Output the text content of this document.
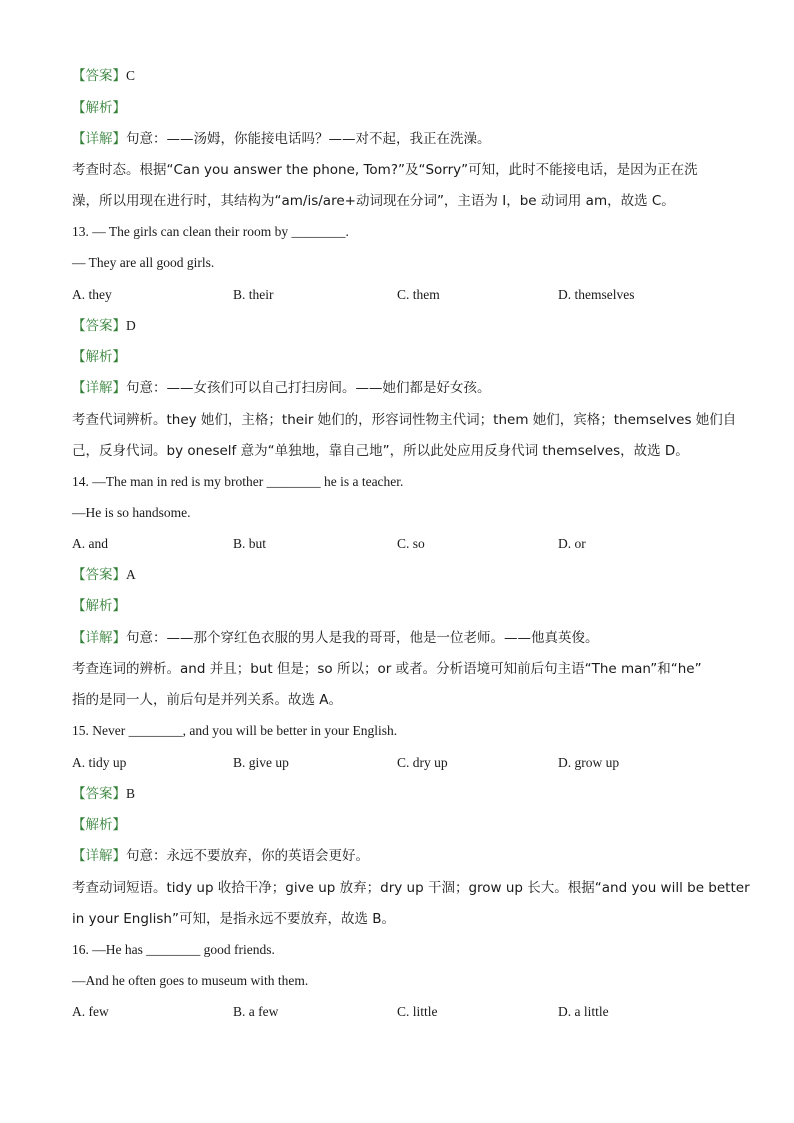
【答案】C
【解析】
【详解】句意：——汤姆，你能接电话吗？——对不起，我正在洗澡。
考查时态。根据“Can you answer the phone, Tom?”及“Sorry”可知，此时不能接电话，是因为正在洗
澡，所以用现在进行时，其结构为“am/is/are+动词现在分词”，主语为 I，be 动词用 am，故选 C。
13. — The girls can clean their room by ________.
— They are all good girls.
A. they	B. their	C. them	D. themselves
【答案】D
【解析】
【详解】句意：——女孩们可以自己打扫房间。——她们都是好女孩。
考查代词辨析。they 她们，主格；their 她们的，形容词性物主代词；them 她们，宾格；themselves 她们自
己，反身代词。by oneself 意为“单独地，靠自己地”，所以此处应用反身代词 themselves，故选 D。
14. —The man in red is my brother ________ he is a teacher.
—He is so handsome.
A. and	B. but	C. so	D. or
【答案】A
【解析】
【详解】句意：——那个穿红色衣服的男人是我的哥哥，他是一位老师。——他真英俊。
考查连词的辨析。and 并且；but 但是；so 所以；or 或者。分析语境可知前后句主语“The man”和“he”
指的是同一人，前后句是并列关系。故选 A。
15. Never ________, and you will be better in your English.
A. tidy up	B. give up	C. dry up	D. grow up
【答案】B
【解析】
【详解】句意：永远不要放弃，你的英语会更好。
考查动词短语。tidy up 收拾干净；give up 放弃；dry up 干涸；grow up 长大。根据“and you will be better
in your English”可知，是指永远不要放弃，故选 B。
16. —He has ________ good friends.
—And he often goes to museum with them.
A. few	B. a few	C. little	D. a little
